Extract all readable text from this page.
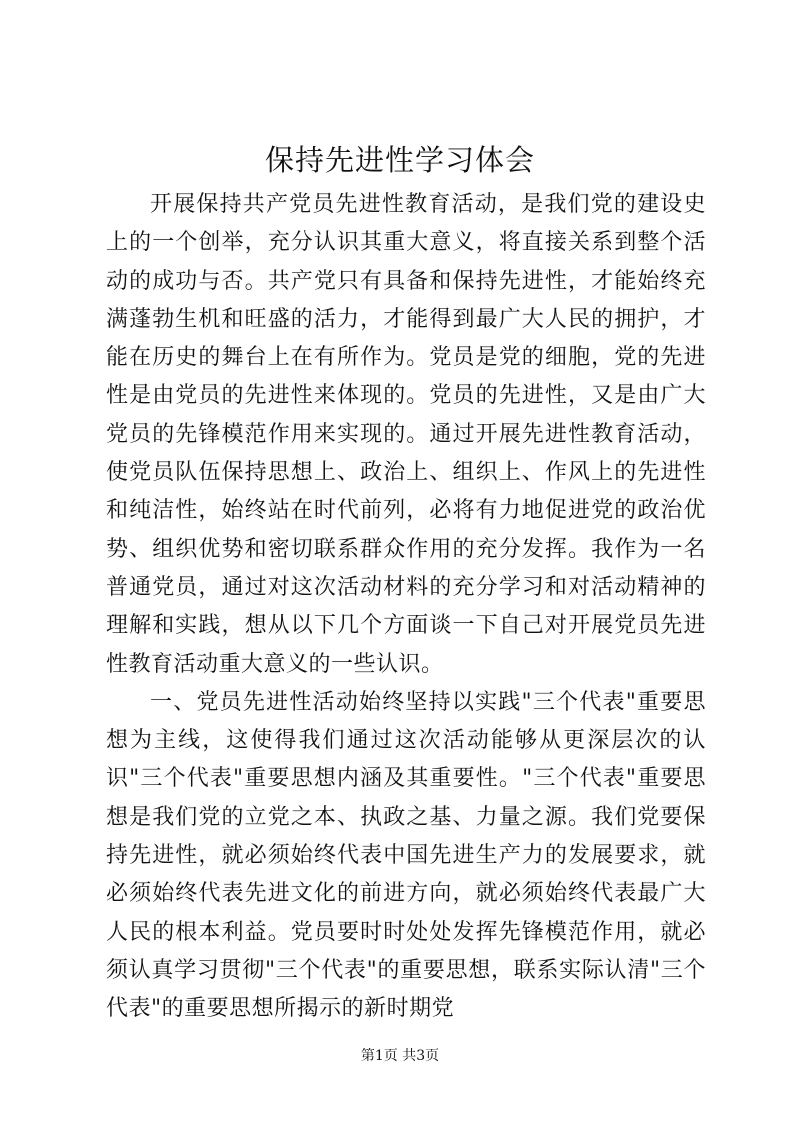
保持先进性学习体会

开展保持共产党员先进性教育活动，是我们党的建设史上的一个创举，充分认识其重大意义，将直接关系到整个活动的成功与否。共产党只有具备和保持先进性，才能始终充满蓬勃生机和旺盛的活力，才能得到最广大人民的拥护，才能在历史的舞台上在有所作为。党员是党的细胞，党的先进性是由党员的先进性来体现的。党员的先进性，又是由广大党员的先锋模范作用来实现的。通过开展先进性教育活动，使党员队伍保持思想上、政治上、组织上、作风上的先进性和纯洁性，始终站在时代前列，必将有力地促进党的政治优势、组织优势和密切联系群众作用的充分发挥。我作为一名普通党员，通过对这次活动材料的充分学习和对活动精神的理解和实践，想从以下几个方面谈一下自己对开展党员先进性教育活动重大意义的一些认识。

一、党员先进性活动始终坚持以实践"三个代表"重要思想为主线，这使得我们通过这次活动能够从更深层次的认识"三个代表"重要思想内涵及其重要性。"三个代表"重要思想是我们党的立党之本、执政之基、力量之源。我们党要保持先进性，就必须始终代表中国先进生产力的发展要求，就必须始终代表先进文化的前进方向，就必须始终代表最广大人民的根本利益。党员要时时处处发挥先锋模范作用，就必须认真学习贯彻"三个代表"的重要思想，联系实际认清"三个代表"的重要思想所揭示的新时期党

第1页 共3页
